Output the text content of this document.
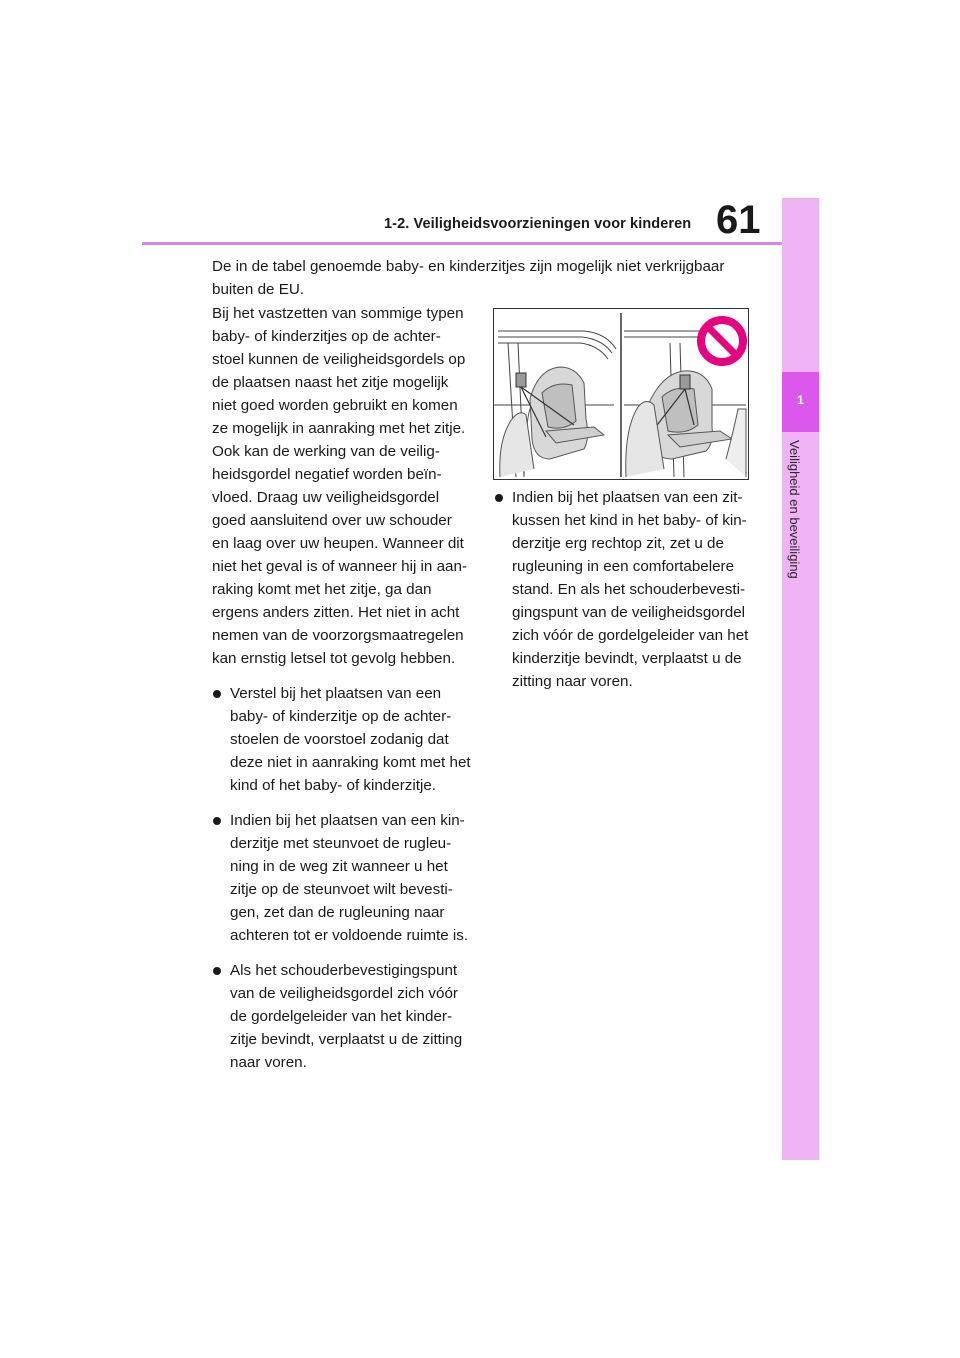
1
Veiligheid en beveiliging
1-2. Veiligheidsvoorzieningen voor kinderen 61

De in de tabel genoemde baby- en kinderzitjes zijn mogelijk niet verkrijgbaar buiten de EU.

Bij het vastzetten van sommige typen baby- of kinderzitjes op de achter-stoel kunnen de veiligheidsgordels op de plaatsen naast het zitje mogelijk niet goed worden gebruikt en komen ze mogelijk in aanraking met het zitje. Ook kan de werking van de veilig-heidsgordel negatief worden beïn-vloed. Draag uw veiligheidsgordel goed aansluitend over uw schouder en laag over uw heupen. Wanneer dit niet het geval is of wanneer hij in aan-raking komt met het zitje, ga dan ergens anders zitten. Het niet in acht nemen van de voorzorgsmaatregelen kan ernstig letsel tot gevolg hebben.

Verstel bij het plaatsen van een baby- of kinderzitje op de achter-stoelen de voorstoel zodanig dat deze niet in aanraking komt met het kind of het baby- of kinderzitje.
Indien bij het plaatsen van een kin-derzitje met steunvoet de rugleu-ning in de weg zit wanneer u het zitje op de steunvoet wilt bevesti-gen, zet dan de rugleuning naar achteren tot er voldoende ruimte is.
Als het schouderbevestigingspunt van de veiligheidsgordel zich vóór de gordelgeleider van het kinder-zitje bevindt, verplaatst u de zitting naar voren.
Indien bij het plaatsen van een zit-kussen het kind in het baby- of kin-derzitje erg rechtop zit, zet u de rugleuning in een comfortabelere stand. En als het schouderbevesti-gingspunt van de veiligheidsgordel zich vóór de gordelgeleider van het kinderzitje bevindt, verplaatst u de zitting naar voren.
